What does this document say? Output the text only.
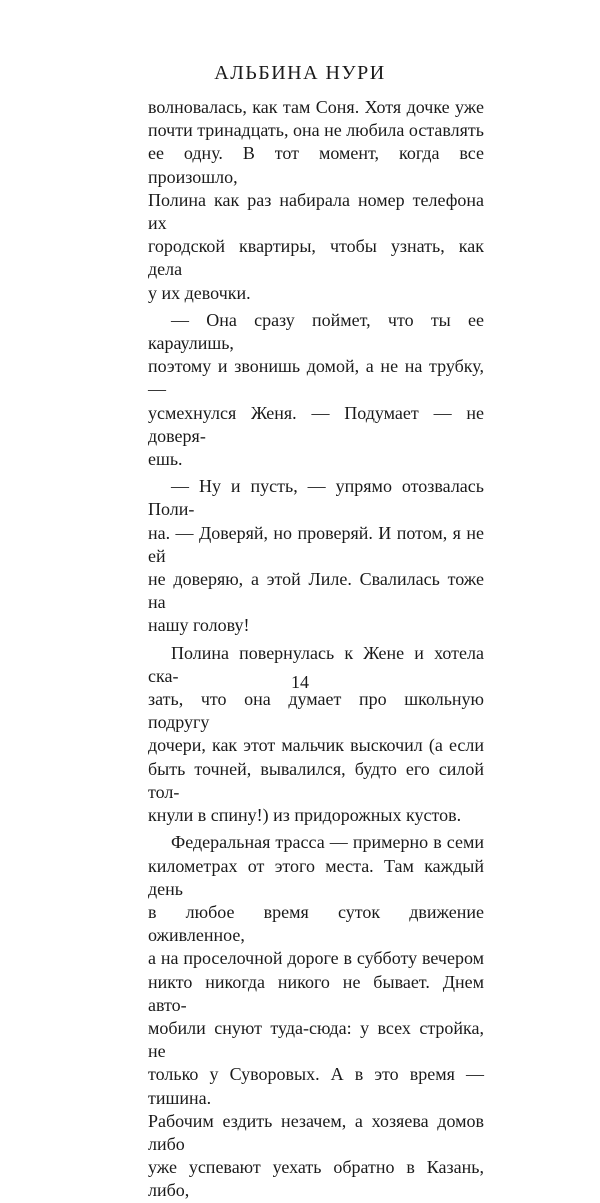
АЛЬБИНА НУРИ
волновалась, как там Соня. Хотя дочке уже
почти тринадцать, она не любила оставлять
ее одну. В тот момент, когда все произошло,
Полина как раз набирала номер телефона их
городской квартиры, чтобы узнать, как дела
у их девочки.
— Она сразу поймет, что ты ее караулишь,
поэтому и звонишь домой, а не на трубку, —
усмехнулся Женя. — Подумает — не доверя-
ешь.
— Ну и пусть, — упрямо отозвалась Поли-
на. — Доверяй, но проверяй. И потом, я не ей
не доверяю, а этой Лиле. Свалилась тоже на
нашу голову!
Полина повернулась к Жене и хотела ска-
зать, что она думает про школьную подругу
дочери, как этот мальчик выскочил (а если
быть точней, вывалился, будто его силой тол-
кнули в спину!) из придорожных кустов.
Федеральная трасса — примерно в семи
километрах от этого места. Там каждый день
в любое время суток движение оживленное,
а на проселочной дороге в субботу вечером
никто никогда никого не бывает. Днем авто-
мобили снуют туда-сюда: у всех стройка, не
только у Суворовых. А в это время — тишина.
Рабочим ездить незачем, а хозяева домов либо
уже успевают уехать обратно в Казань, либо,
14
